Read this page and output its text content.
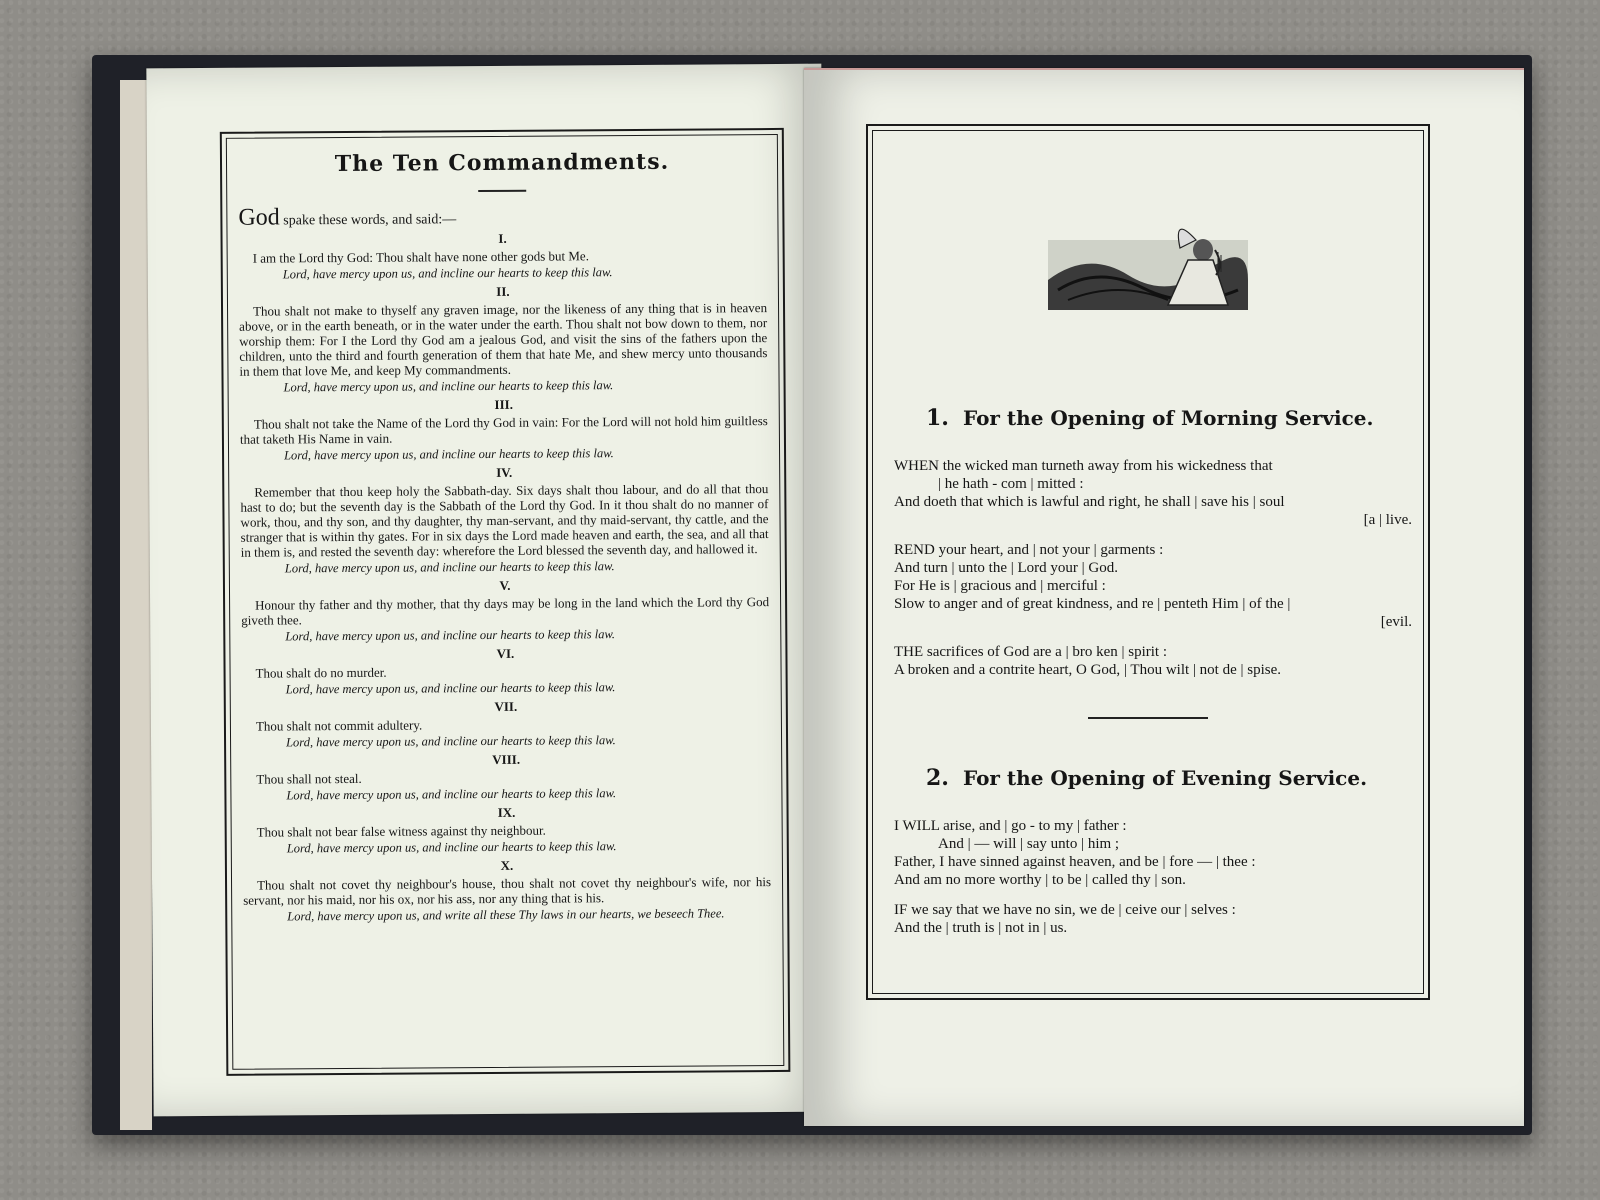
The Ten Commandments.
God spake these words, and said:—
I.
I am the Lord thy God: Thou shalt have none other gods but Me.
Lord, have mercy upon us, and incline our hearts to keep this law.
II.
Thou shalt not make to thyself any graven image, nor the likeness of any thing that is in heaven above, or in the earth beneath, or in the water under the earth. Thou shalt not bow down to them, nor worship them: For I the Lord thy God am a jealous God, and visit the sins of the fathers upon the children, unto the third and fourth generation of them that hate Me, and shew mercy unto thousands in them that love Me, and keep My commandments.
Lord, have mercy upon us, and incline our hearts to keep this law.
III.
Thou shalt not take the Name of the Lord thy God in vain: For the Lord will not hold him guiltless that taketh His Name in vain.
Lord, have mercy upon us, and incline our hearts to keep this law.
IV.
Remember that thou keep holy the Sabbath-day. Six days shalt thou labour, and do all that thou hast to do; but the seventh day is the Sabbath of the Lord thy God. In it thou shalt do no manner of work, thou, and thy son, and thy daughter, thy man-servant, and thy maid-servant, thy cattle, and the stranger that is within thy gates. For in six days the Lord made heaven and earth, the sea, and all that in them is, and rested the seventh day: wherefore the Lord blessed the seventh day, and hallowed it.
Lord, have mercy upon us, and incline our hearts to keep this law.
V.
Honour thy father and thy mother, that thy days may be long in the land which the Lord thy God giveth thee.
Lord, have mercy upon us, and incline our hearts to keep this law.
VI.
Thou shalt do no murder.
Lord, have mercy upon us, and incline our hearts to keep this law.
VII.
Thou shalt not commit adultery.
Lord, have mercy upon us, and incline our hearts to keep this law.
VIII.
Thou shall not steal.
Lord, have mercy upon us, and incline our hearts to keep this law.
IX.
Thou shalt not bear false witness against thy neighbour.
Lord, have mercy upon us, and incline our hearts to keep this law.
X.
Thou shalt not covet thy neighbour's house, thou shalt not covet thy neighbour's wife, nor his servant, nor his maid, nor his ox, nor his ass, nor any thing that is his.
Lord, have mercy upon us, and write all these Thy laws in our hearts, we beseech Thee.
1. For the Opening of Morning Service.

WHEN the wicked man turneth away from his wickedness that

| he hath - com | mitted :

And doeth that which is lawful and right, he shall | save his | soul

[a | live.

REND your heart, and | not your | garments :

And turn | unto the | Lord your | God.

For He is | gracious and | merciful :

Slow to anger and of great kindness, and re | penteth Him | of the |

[evil.

THE sacrifices of God are a | bro ken | spirit :

A broken and a contrite heart, O God, | Thou wilt | not de | spise.

2. For the Opening of Evening Service.

I WILL arise, and | go - to my | father :

And | — will | say unto | him ;

Father, I have sinned against heaven, and be | fore — | thee :

And am no more worthy | to be | called thy | son.

IF we say that we have no sin, we de | ceive our | selves :

And the | truth is | not in | us.
